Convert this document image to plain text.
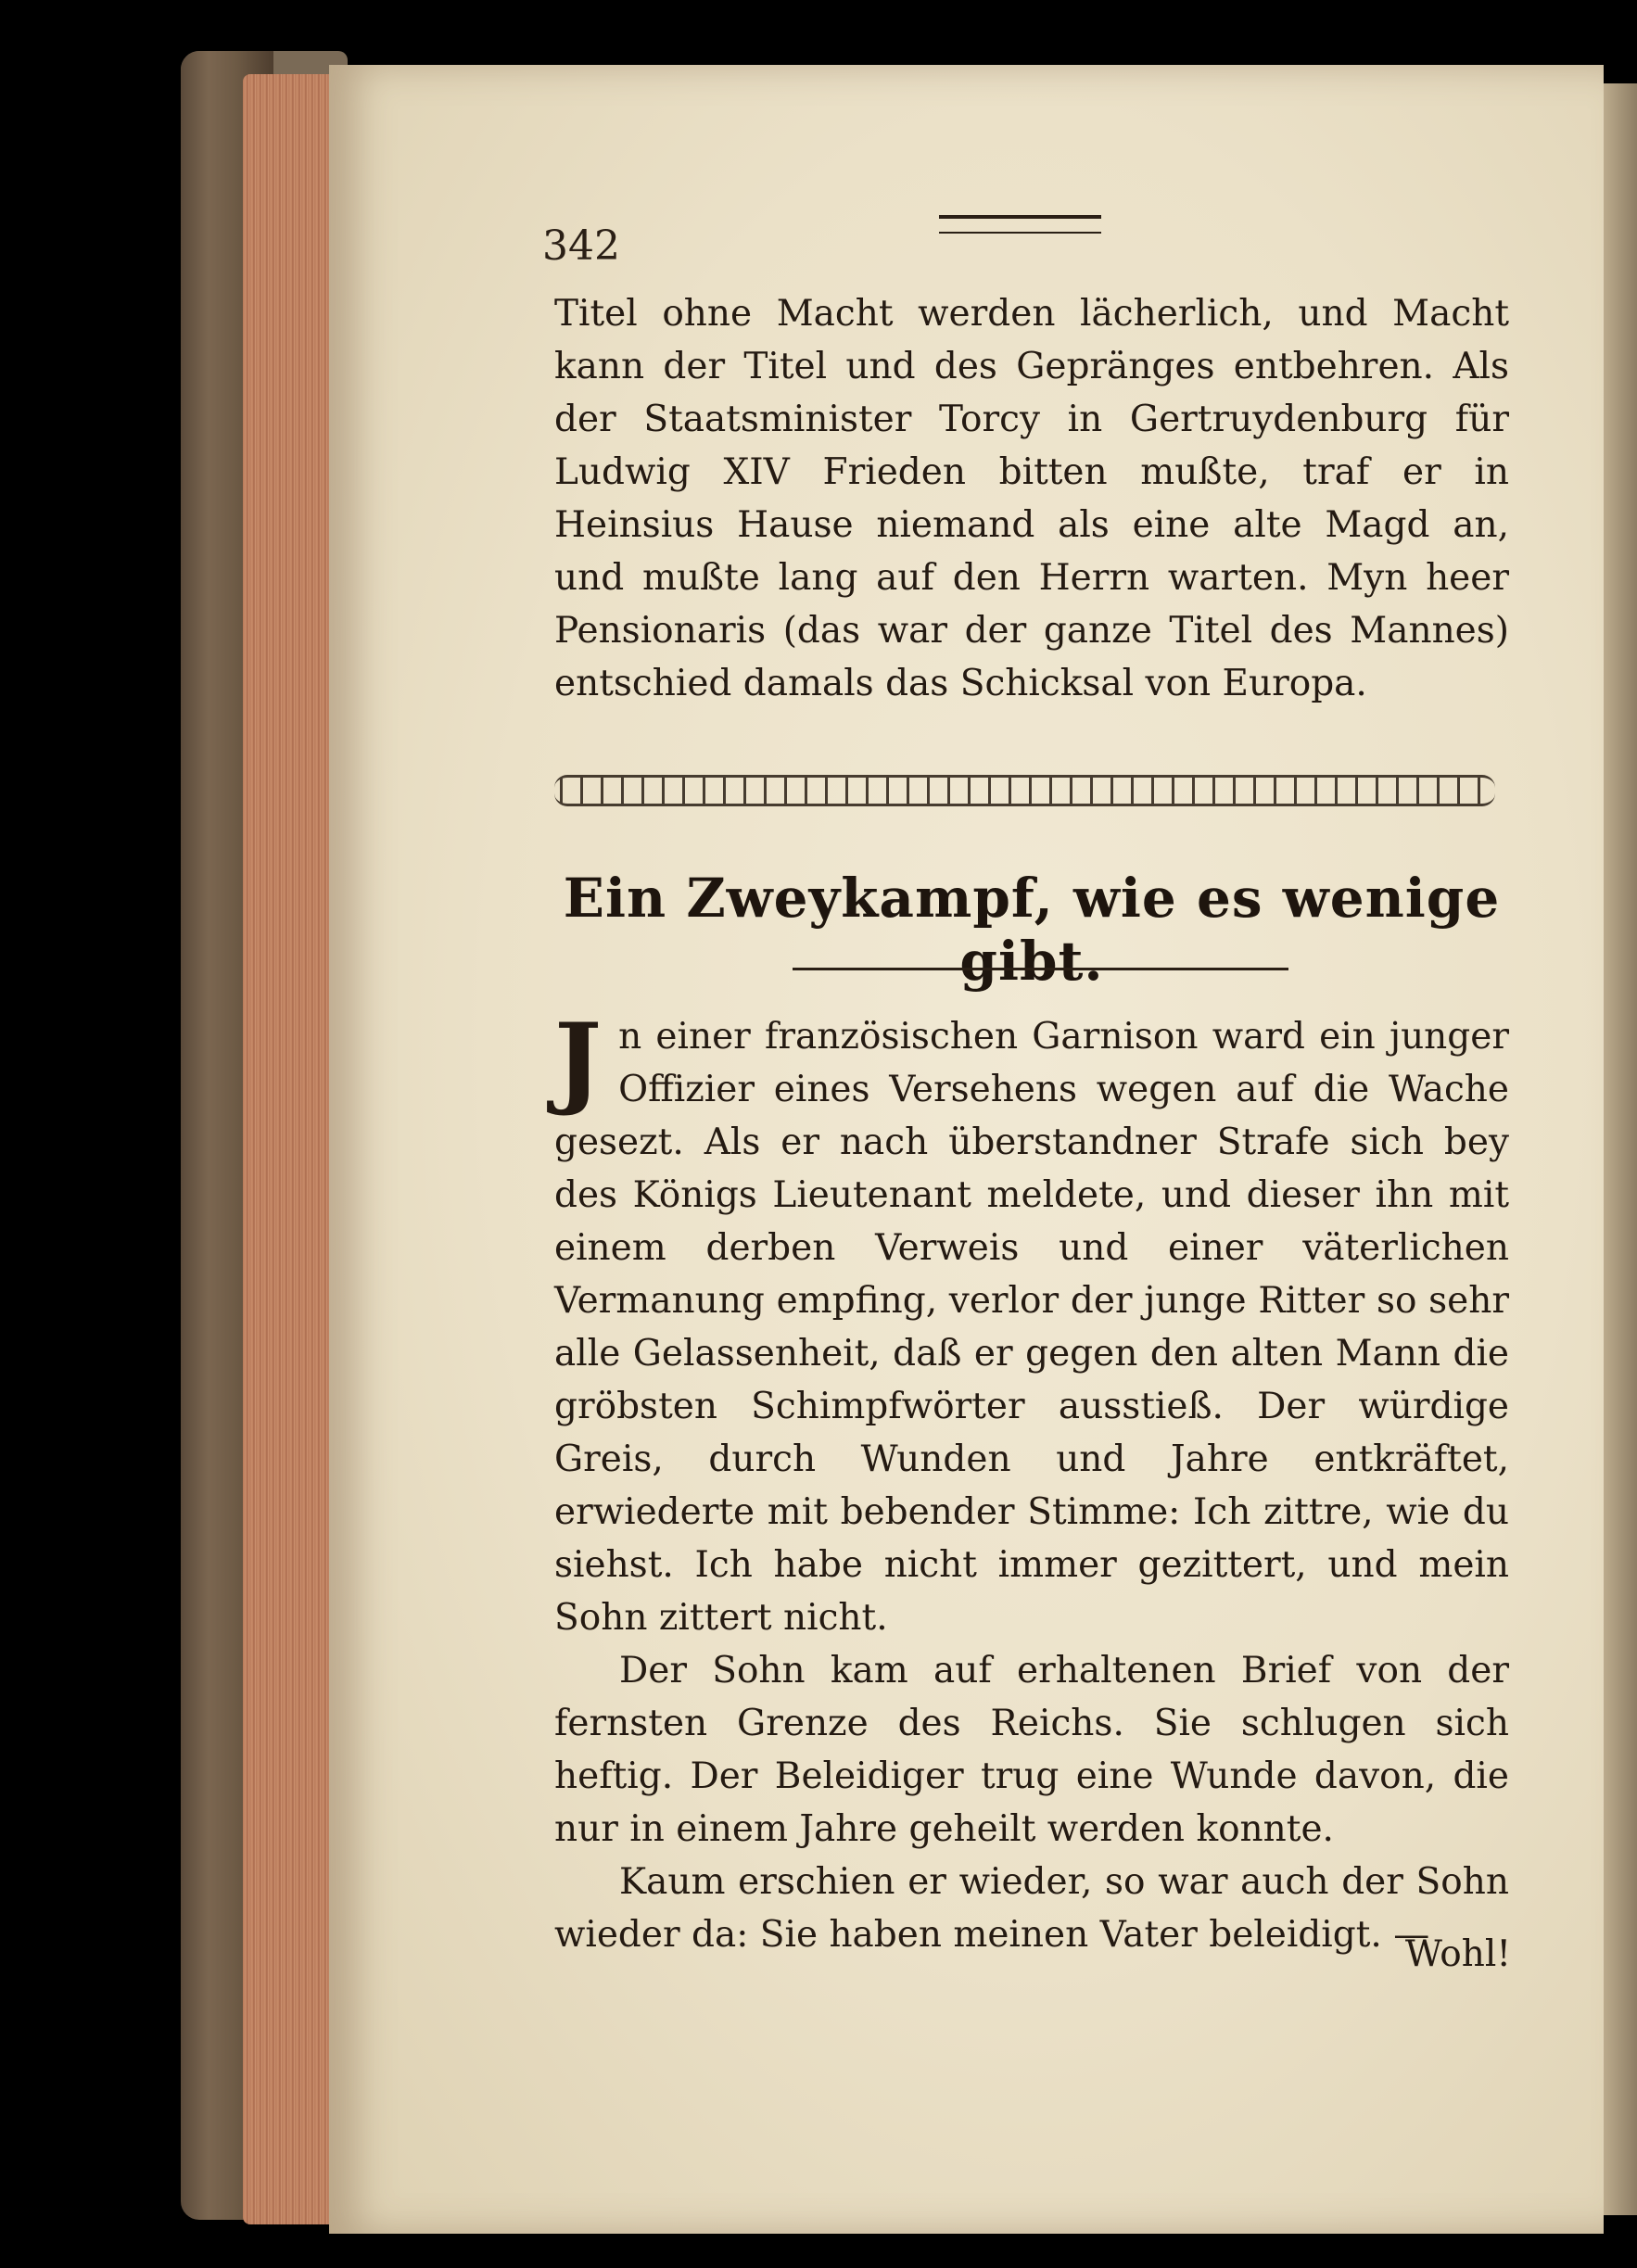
342

Titel ohne Macht werden lächerlich, und Macht kann der Titel und des Gepränges entbehren. Als der Staatsminister Torcy in Gertruydenburg für Ludwig XIV Frieden bitten mußte, traf er in Heinsius Hause niemand als eine alte Magd an, und mußte lang auf den Herrn warten. Myn heer Pensionaris (das war der ganze Titel des Mannes) entschied damals das Schicksal von Europa.

Ein Zweykampf, wie es wenige gibt.

Jn einer französischen Garnison ward ein junger Offizier eines Versehens wegen auf die Wache gesezt. Als er nach überstandner Strafe sich bey des Königs Lieutenant meldete, und dieser ihn mit einem derben Verweis und einer väterlichen Vermanung empfing, verlor der junge Ritter so sehr alle Gelassenheit, daß er gegen den alten Mann die gröbsten Schimpfwörter ausstieß. Der würdige Greis, durch Wunden und Jahre entkräftet, erwiederte mit bebender Stimme: Ich zittre, wie du siehst. Ich habe nicht immer gezittert, und mein Sohn zittert nicht.

Der Sohn kam auf erhaltenen Brief von der fernsten Grenze des Reichs. Sie schlugen sich heftig. Der Beleidiger trug eine Wunde davon, die nur in einem Jahre geheilt werden konnte.

Kaum erschien er wieder, so war auch der Sohn wieder da: Sie haben meinen Vater beleidigt. —

Wohl!
